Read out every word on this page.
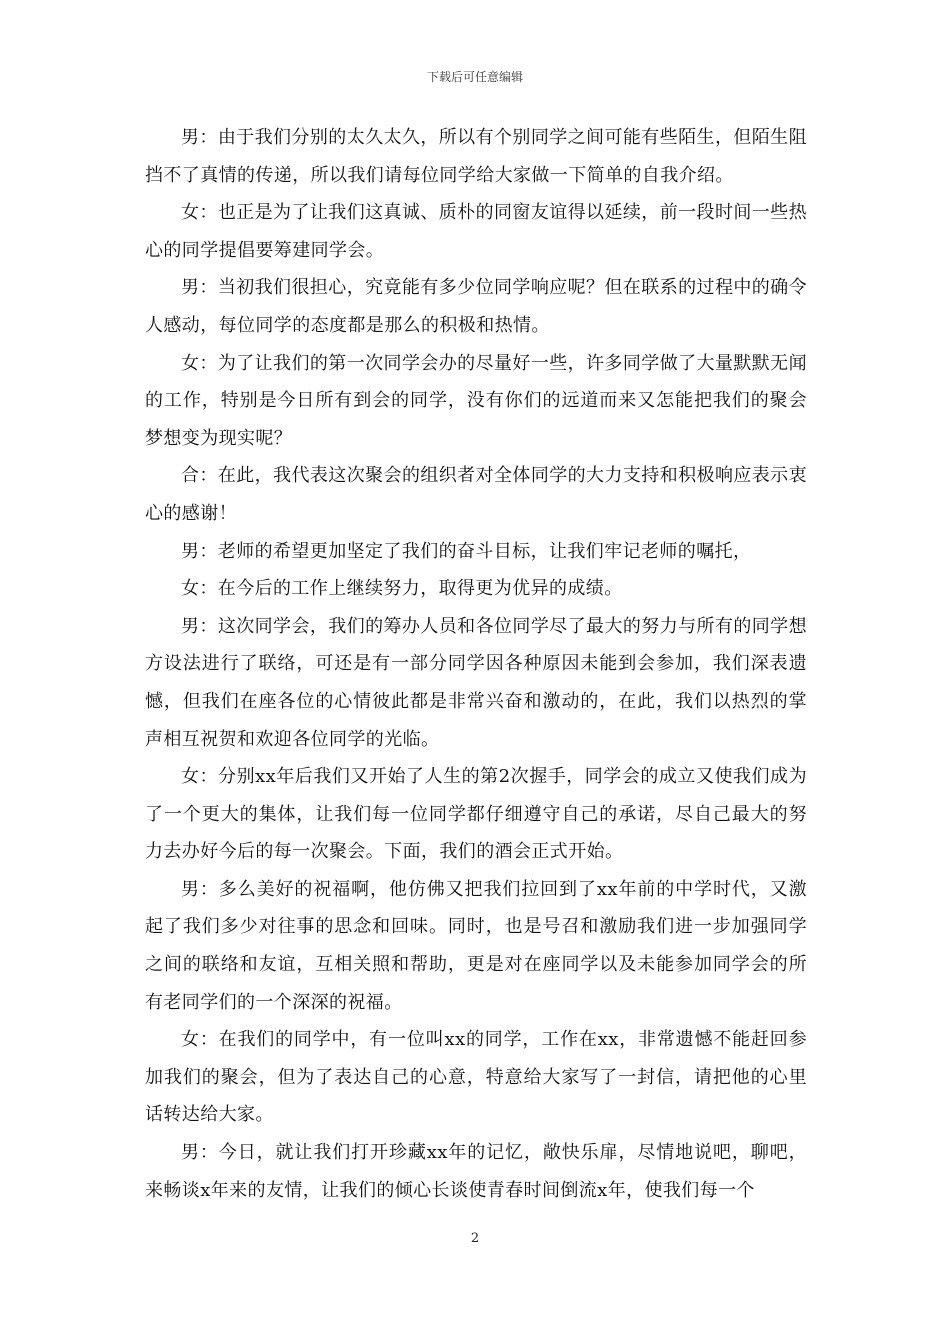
下载后可任意编辑

男：由于我们分别的太久太久，所以有个别同学之间可能有些陌生，但陌生阻挡不了真情的传递，所以我们请每位同学给大家做一下简单的自我介绍。

女：也正是为了让我们这真诚、质朴的同窗友谊得以延续，前一段时间一些热心的同学提倡要筹建同学会。

男：当初我们很担心，究竟能有多少位同学响应呢？但在联系的过程中的确令人感动，每位同学的态度都是那么的积极和热情。

女：为了让我们的第一次同学会办的尽量好一些，许多同学做了大量默默无闻的工作，特别是今日所有到会的同学，没有你们的远道而来又怎能把我们的聚会梦想变为现实呢？

合：在此，我代表这次聚会的组织者对全体同学的大力支持和积极响应表示衷心的感谢！

男：老师的希望更加坚定了我们的奋斗目标，让我们牢记老师的嘱托，

女：在今后的工作上继续努力，取得更为优异的成绩。

男：这次同学会，我们的筹办人员和各位同学尽了最大的努力与所有的同学想方设法进行了联络，可还是有一部分同学因各种原因未能到会参加，我们深表遗憾，但我们在座各位的心情彼此都是非常兴奋和激动的，在此，我们以热烈的掌声相互祝贺和欢迎各位同学的光临。

女：分别xx年后我们又开始了人生的第2次握手，同学会的成立又使我们成为了一个更大的集体，让我们每一位同学都仔细遵守自己的承诺，尽自己最大的努力去办好今后的每一次聚会。下面，我们的酒会正式开始。

男：多么美好的祝福啊，他仿佛又把我们拉回到了xx年前的中学时代，又激起了我们多少对往事的思念和回味。同时，也是号召和激励我们进一步加强同学之间的联络和友谊，互相关照和帮助，更是对在座同学以及未能参加同学会的所有老同学们的一个深深的祝福。

女：在我们的同学中，有一位叫xx的同学，工作在xx，非常遗憾不能赶回参加我们的聚会，但为了表达自己的心意，特意给大家写了一封信，请把他的心里话转达给大家。

男：今日，就让我们打开珍藏xx年的记忆，敞快乐扉，尽情地说吧，聊吧，来畅谈x年来的友情，让我们的倾心长谈使青春时间倒流x年，使我们每一个

2
